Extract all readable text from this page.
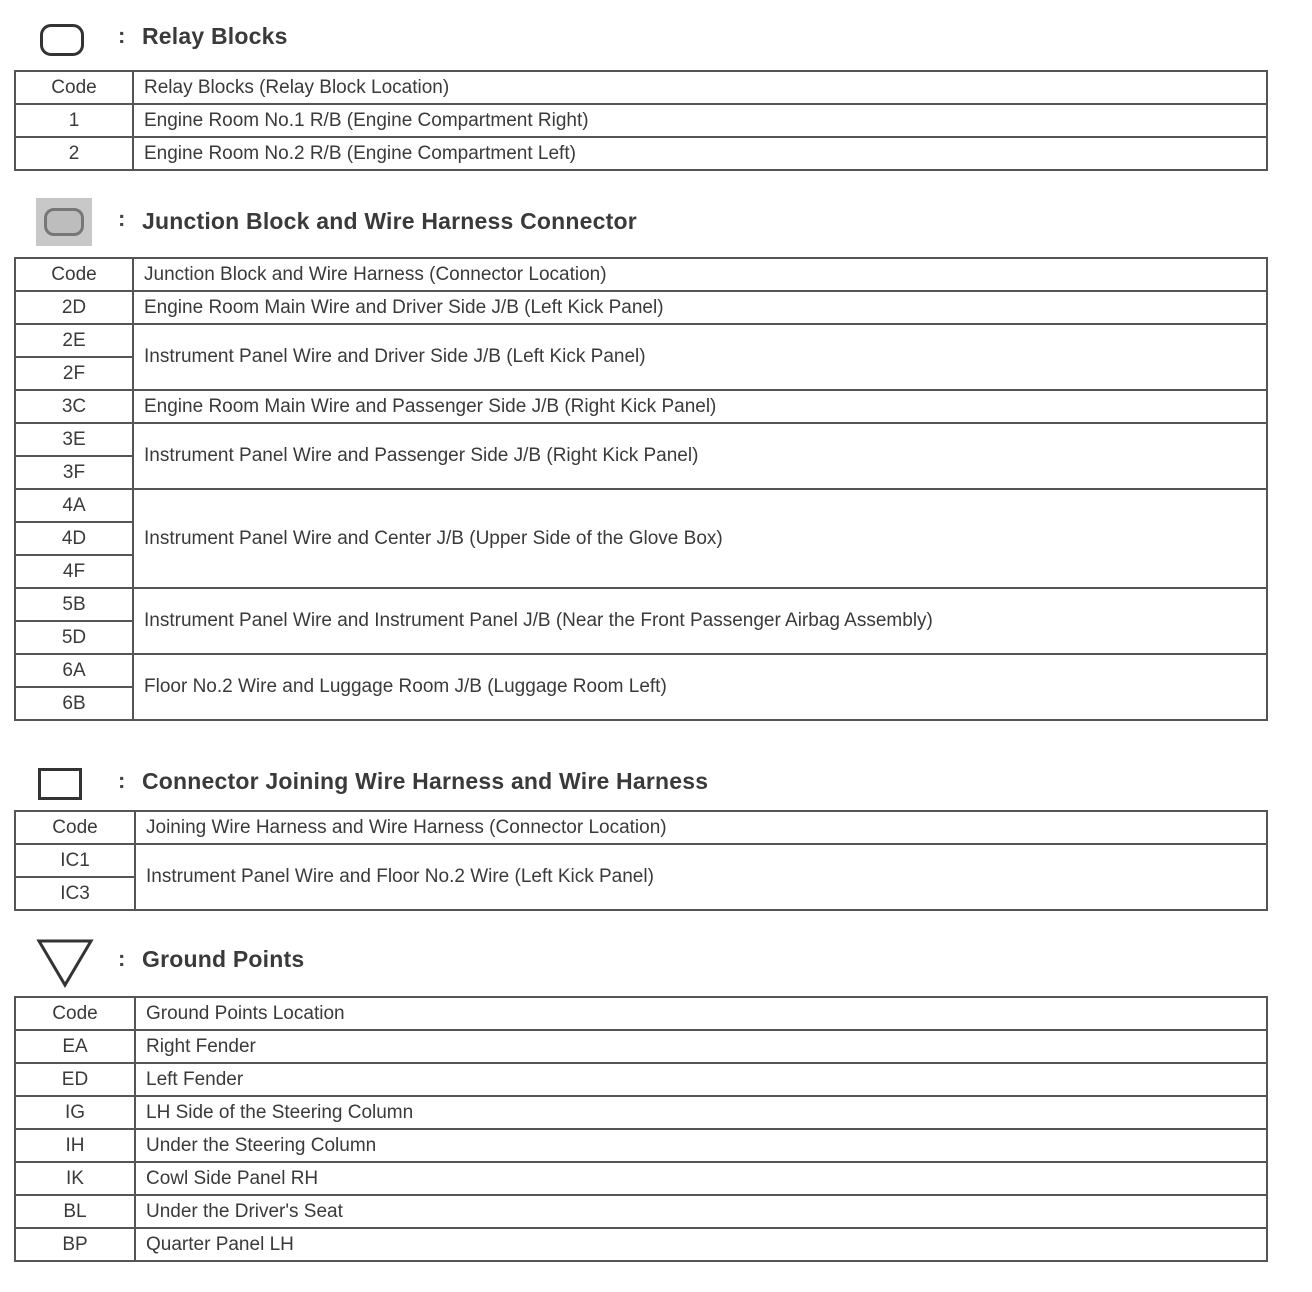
: Relay Blocks
Code	Relay Blocks (Relay Block Location)
1	Engine Room No.1 R/B (Engine Compartment Right)
2	Engine Room No.2 R/B (Engine Compartment Left)
: Junction Block and Wire Harness Connector
Code	Junction Block and Wire Harness (Connector Location)
2D	Engine Room Main Wire and Driver Side J/B (Left Kick Panel)
2E	Instrument Panel Wire and Driver Side J/B (Left Kick Panel)
2F	
3C	Engine Room Main Wire and Passenger Side J/B (Right Kick Panel)
3E	Instrument Panel Wire and Passenger Side J/B (Right Kick Panel)
3F	
4A	Instrument Panel Wire and Center J/B (Upper Side of the Glove Box)
4D	
4F	
5B	Instrument Panel Wire and Instrument Panel J/B (Near the Front Passenger Airbag Assembly)
5D	
6A	Floor No.2 Wire and Luggage Room J/B (Luggage Room Left)
6B	
: Connector Joining Wire Harness and Wire Harness
Code	Joining Wire Harness and Wire Harness (Connector Location)
IC1	Instrument Panel Wire and Floor No.2 Wire (Left Kick Panel)
IC3	
: Ground Points
Code	Ground Points Location
EA	Right Fender
ED	Left Fender
IG	LH Side of the Steering Column
IH	Under the Steering Column
IK	Cowl Side Panel RH
BL	Under the Driver's Seat
BP	Quarter Panel LH
